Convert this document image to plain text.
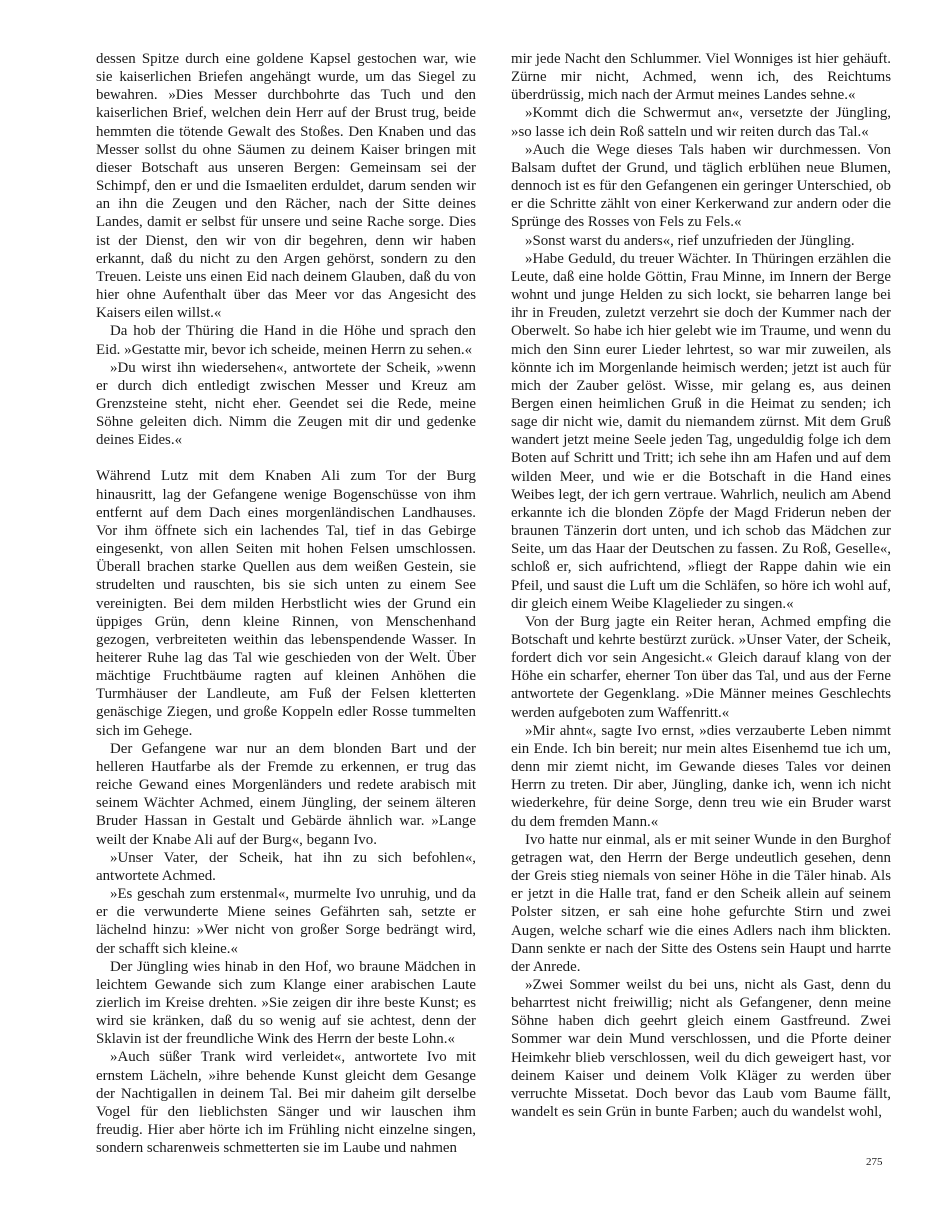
dessen Spitze durch eine goldene Kapsel gestochen war, wie sie kaiserlichen Briefen angehängt wurde, um das Siegel zu bewahren. »Dies Messer durchbohrte das Tuch und den kaiserlichen Brief, welchen dein Herr auf der Brust trug, beide hemmten die tötende Gewalt des Stoßes. Den Knaben und das Messer sollst du ohne Säumen zu deinem Kaiser bringen mit dieser Botschaft aus unseren Bergen: Gemeinsam sei der Schimpf, den er und die Ismaeliten erduldet, darum senden wir an ihn die Zeugen und den Rächer, nach der Sitte deines Landes, damit er selbst für unsere und seine Rache sorge. Dies ist der Dienst, den wir von dir begehren, denn wir haben erkannt, daß du nicht zu den Argen gehörst, sondern zu den Treuen. Leiste uns einen Eid nach deinem Glauben, daß du von hier ohne Aufenthalt über das Meer vor das Angesicht des Kaisers eilen willst.«

Da hob der Thüring die Hand in die Höhe und sprach den Eid. »Gestatte mir, bevor ich scheide, meinen Herrn zu sehen.«

»Du wirst ihn wiedersehen«, antwortete der Scheik, »wenn er durch dich entledigt zwischen Messer und Kreuz am Grenzsteine steht, nicht eher. Geendet sei die Rede, meine Söhne geleiten dich. Nimm die Zeugen mit dir und gedenke deines Eides.«

Während Lutz mit dem Knaben Ali zum Tor der Burg hinausritt, lag der Gefangene wenige Bogenschüsse von ihm entfernt auf dem Dach eines morgenländischen Landhauses. Vor ihm öffnete sich ein lachendes Tal, tief in das Gebirge eingesenkt, von allen Seiten mit hohen Felsen umschlossen. Überall brachen starke Quellen aus dem weißen Gestein, sie strudelten und rauschten, bis sie sich unten zu einem See vereinigten. Bei dem milden Herbstlicht wies der Grund ein üppiges Grün, denn kleine Rinnen, von Menschenhand gezogen, verbreiteten weithin das lebenspendende Wasser. In heiterer Ruhe lag das Tal wie geschieden von der Welt. Über mächtige Fruchtbäume ragten auf kleinen Anhöhen die Turmhäuser der Landleute, am Fuß der Felsen kletterten genäschige Ziegen, und große Koppeln edler Rosse tummelten sich im Gehege.

Der Gefangene war nur an dem blonden Bart und der helleren Hautfarbe als der Fremde zu erkennen, er trug das reiche Gewand eines Morgenländers und redete arabisch mit seinem Wächter Achmed, einem Jüngling, der seinem älteren Bruder Hassan in Gestalt und Gebärde ähnlich war. »Lange weilt der Knabe Ali auf der Burg«, begann Ivo.

»Unser Vater, der Scheik, hat ihn zu sich befohlen«, antwortete Achmed.

»Es geschah zum erstenmal«, murmelte Ivo unruhig, und da er die verwunderte Miene seines Gefährten sah, setzte er lächelnd hinzu: »Wer nicht von großer Sorge bedrängt wird, der schafft sich kleine.«

Der Jüngling wies hinab in den Hof, wo braune Mädchen in leichtem Gewande sich zum Klange einer arabischen Laute zierlich im Kreise drehten. »Sie zeigen dir ihre beste Kunst; es wird sie kränken, daß du so wenig auf sie achtest, denn der Sklavin ist der freundliche Wink des Herrn der beste Lohn.«

»Auch süßer Trank wird verleidet«, antwortete Ivo mit ernstem Lächeln, »ihre behende Kunst gleicht dem Gesange der Nachtigallen in deinem Tal. Bei mir daheim gilt derselbe Vogel für den lieblichsten Sänger und wir lauschen ihm freudig. Hier aber hörte ich im Frühling nicht einzelne singen, sondern scharenweis schmetterten sie im Laube und nahmen

mir jede Nacht den Schlummer. Viel Wonniges ist hier gehäuft. Zürne mir nicht, Achmed, wenn ich, des Reichtums überdrüssig, mich nach der Armut meines Landes sehne.«

»Kommt dich die Schwermut an«, versetzte der Jüngling, »so lasse ich dein Roß satteln und wir reiten durch das Tal.«

»Auch die Wege dieses Tals haben wir durchmessen. Von Balsam duftet der Grund, und täglich erblühen neue Blumen, dennoch ist es für den Gefangenen ein geringer Unterschied, ob er die Schritte zählt von einer Kerkerwand zur andern oder die Sprünge des Rosses von Fels zu Fels.«

»Sonst warst du anders«, rief unzufrieden der Jüngling.

»Habe Geduld, du treuer Wächter. In Thüringen erzählen die Leute, daß eine holde Göttin, Frau Minne, im Innern der Berge wohnt und junge Helden zu sich lockt, sie beharren lange bei ihr in Freuden, zuletzt verzehrt sie doch der Kummer nach der Oberwelt. So habe ich hier gelebt wie im Traume, und wenn du mich den Sinn eurer Lieder lehrtest, so war mir zuweilen, als könnte ich im Morgenlande heimisch werden; jetzt ist auch für mich der Zauber gelöst. Wisse, mir gelang es, aus deinen Bergen einen heimlichen Gruß in die Heimat zu senden; ich sage dir nicht wie, damit du niemandem zürnst. Mit dem Gruß wandert jetzt meine Seele jeden Tag, ungeduldig folge ich dem Boten auf Schritt und Tritt; ich sehe ihn am Hafen und auf dem wilden Meer, und wie er die Botschaft in die Hand eines Weibes legt, der ich gern vertraue. Wahrlich, neulich am Abend erkannte ich die blonden Zöpfe der Magd Friderun neben der braunen Tänzerin dort unten, und ich schob das Mädchen zur Seite, um das Haar der Deutschen zu fassen. Zu Roß, Geselle«, schloß er, sich aufrichtend, »fliegt der Rappe dahin wie ein Pfeil, und saust die Luft um die Schläfen, so höre ich wohl auf, dir gleich einem Weibe Klagelieder zu singen.«

Von der Burg jagte ein Reiter heran, Achmed empfing die Botschaft und kehrte bestürzt zurück. »Unser Vater, der Scheik, fordert dich vor sein Angesicht.« Gleich darauf klang von der Höhe ein scharfer, eherner Ton über das Tal, und aus der Ferne antwortete der Gegenklang. »Die Männer meines Geschlechts werden aufgeboten zum Waffenritt.«

»Mir ahnt«, sagte Ivo ernst, »dies verzauberte Leben nimmt ein Ende. Ich bin bereit; nur mein altes Eisenhemd tue ich um, denn mir ziemt nicht, im Gewande dieses Tales vor deinen Herrn zu treten. Dir aber, Jüngling, danke ich, wenn ich nicht wiederkehre, für deine Sorge, denn treu wie ein Bruder warst du dem fremden Mann.«

Ivo hatte nur einmal, als er mit seiner Wunde in den Burghof getragen wat, den Herrn der Berge undeutlich gesehen, denn der Greis stieg niemals von seiner Höhe in die Täler hinab. Als er jetzt in die Halle trat, fand er den Scheik allein auf seinem Polster sitzen, er sah eine hohe gefurchte Stirn und zwei Augen, welche scharf wie die eines Adlers nach ihm blickten. Dann senkte er nach der Sitte des Ostens sein Haupt und harrte der Anrede.

»Zwei Sommer weilst du bei uns, nicht als Gast, denn du beharrtest nicht freiwillig; nicht als Gefangener, denn meine Söhne haben dich geehrt gleich einem Gastfreund. Zwei Sommer war dein Mund verschlossen, und die Pforte deiner Heimkehr blieb verschlossen, weil du dich geweigert hast, vor deinem Kaiser und deinem Volk Kläger zu werden über verruchte Missetat. Doch bevor das Laub vom Baume fällt, wandelt es sein Grün in bunte Farben; auch du wandelst wohl,

275
